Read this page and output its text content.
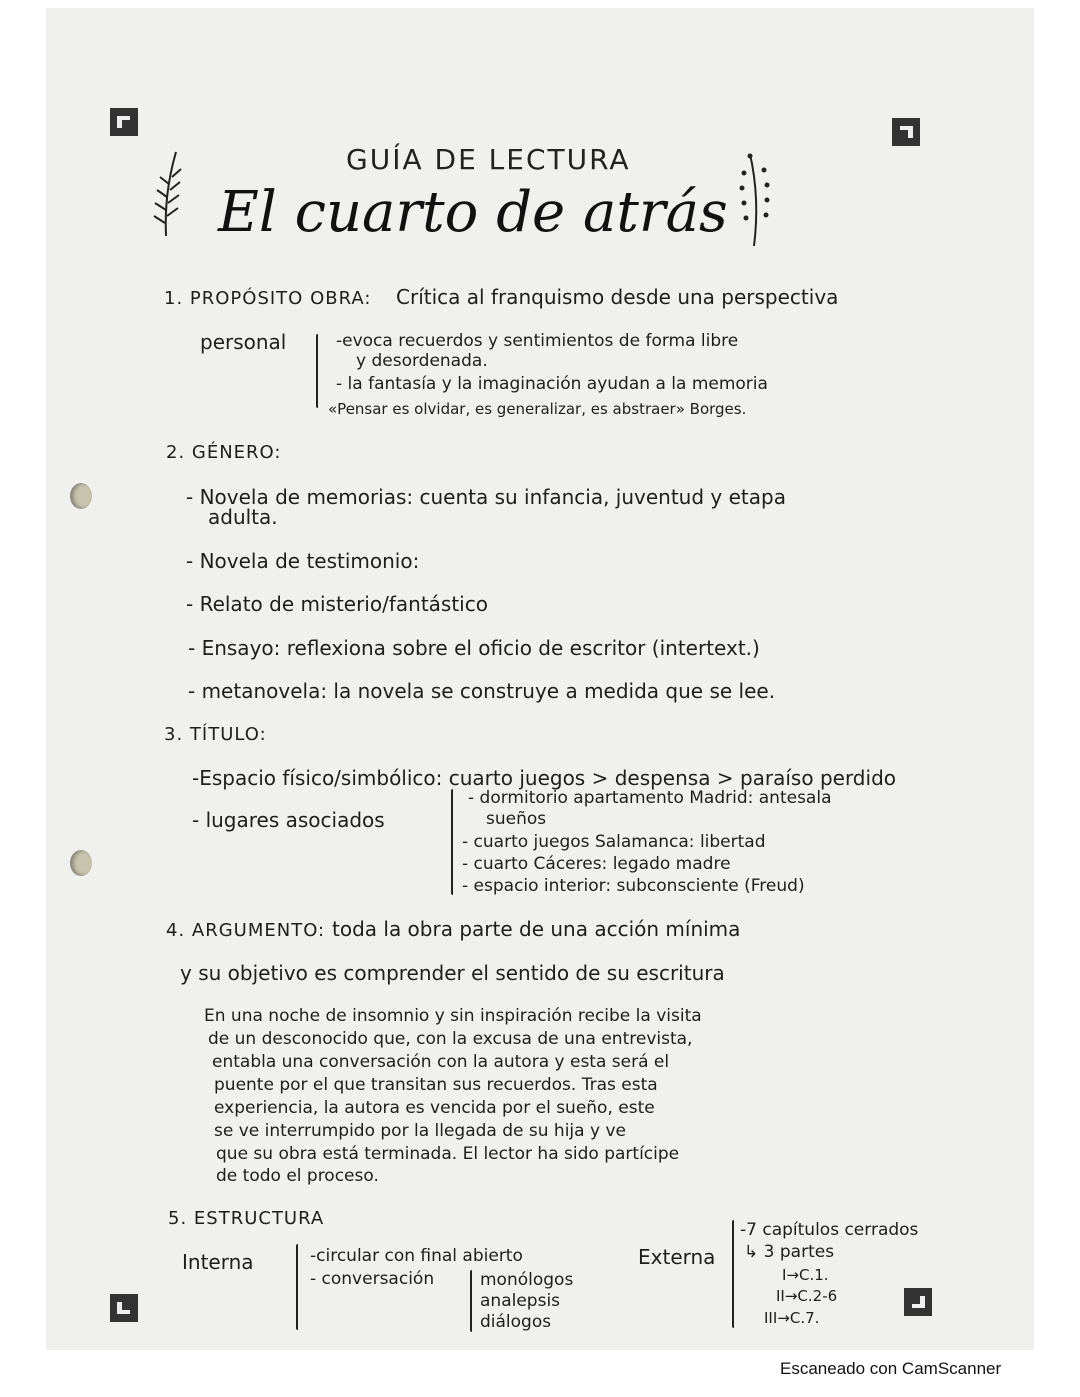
GUÍA DE LECTURA
El cuarto de atrás
1. PROPÓSITO OBRA: Crítica al franquismo desde una perspectiva
personal	-evoca recuerdos y sentimientos de forma libre
y desordenada.
- la fantasía y la imaginación ayudan a la memoria
«Pensar es olvidar, es generalizar, es abstraer» Borges.
2. GÉNERO:
- Novela de memorias: cuenta su infancia, juventud y etapa
adulta.
- Novela de testimonio:
- Relato de misterio/fantástico
- Ensayo: reflexiona sobre el oficio de escritor (intertext.)
- metanovela: la novela se construye a medida que se lee.
3. TÍTULO:
-Espacio físico/simbólico: cuarto juegos > despensa > paraíso perdido
- lugares asociados
- dormitorio apartamento Madrid: antesala
sueños
- cuarto juegos Salamanca: libertad
- cuarto Cáceres: legado madre
- espacio interior: subconsciente (Freud)
4. ARGUMENTO: toda la obra parte de una acción mínima
y su objetivo es comprender el sentido de su escritura
En una noche de insomnio y sin inspiración recibe la visita
de un desconocido que, con la excusa de una entrevista,
entabla una conversación con la autora y esta será el
puente por el que transitan sus recuerdos. Tras esta
experiencia, la autora es vencida por el sueño, este
se ve interrumpido por la llegada de su hija y ve
que su obra está terminada. El lector ha sido partícipe
de todo el proceso.
5. ESTRUCTURA
Interna	-circular con final abierto
- conversación	monólogos
analepsis
diálogos
Externa
-7 capítulos cerrados
↳ 3 partes
I→C.1.
II→C.2-6
III→C.7.
Escaneado con CamScanner
